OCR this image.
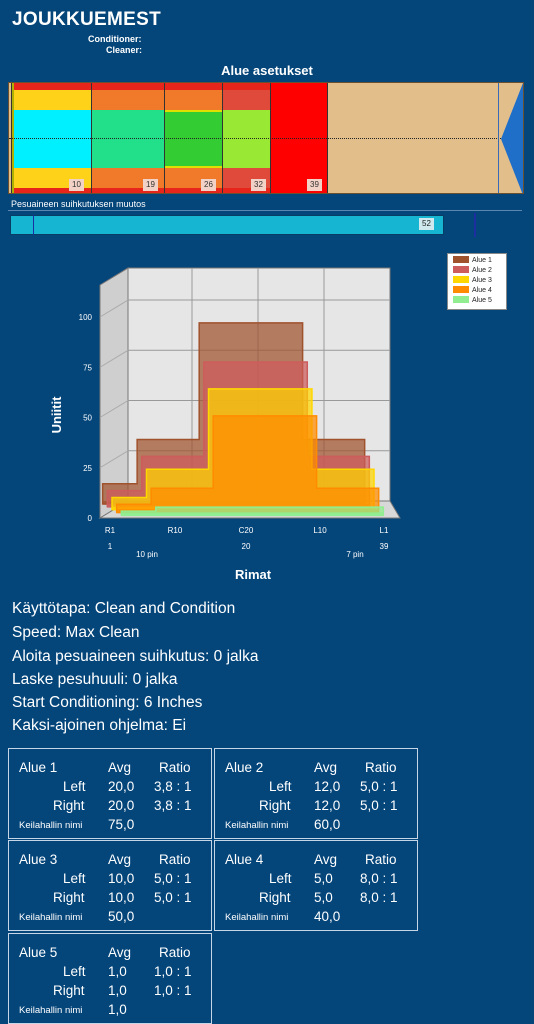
JOUKKUEMEST
Conditioner:
Cleaner:
Alue asetukset
10	19	26	32	39
Pesuaineen suihkutuksen muutos
52
100
75
50
25
0
R1	R10	C20	L10	L1
1	20	39
10 pin	7 pin
Uniitit
Rimat
Alue 1
Alue 2
Alue 3
Alue 4
Alue 5
Käyttötapa: Clean and Condition
Speed: Max Clean
Aloita pesuaineen suihkutus: 0 jalka
Laske pesuhuuli: 0 jalka
Start Conditioning: 6 Inches
Kaksi-ajoinen ohjelma: Ei
Alue 1	Avg Ratio
Left 20,0 3,8 : 1
Right 20,0 3,8 : 1
Keilahallin nimi 75,0
Alue 2	Avg Ratio
Left 12,0 5,0 : 1
Right 12,0 5,0 : 1
Keilahallin nimi 60,0
Alue 3	Avg Ratio
Left 10,0 5,0 : 1
Right 10,0 5,0 : 1
Keilahallin nimi 50,0
Alue 4	Avg Ratio
Left 5,0 8,0 : 1
Right 5,0 8,0 : 1
Keilahallin nimi 40,0
Alue 5	Avg Ratio
Left 1,0 1,0 : 1
Right 1,0 1,0 : 1
Keilahallin nimi 1,0
